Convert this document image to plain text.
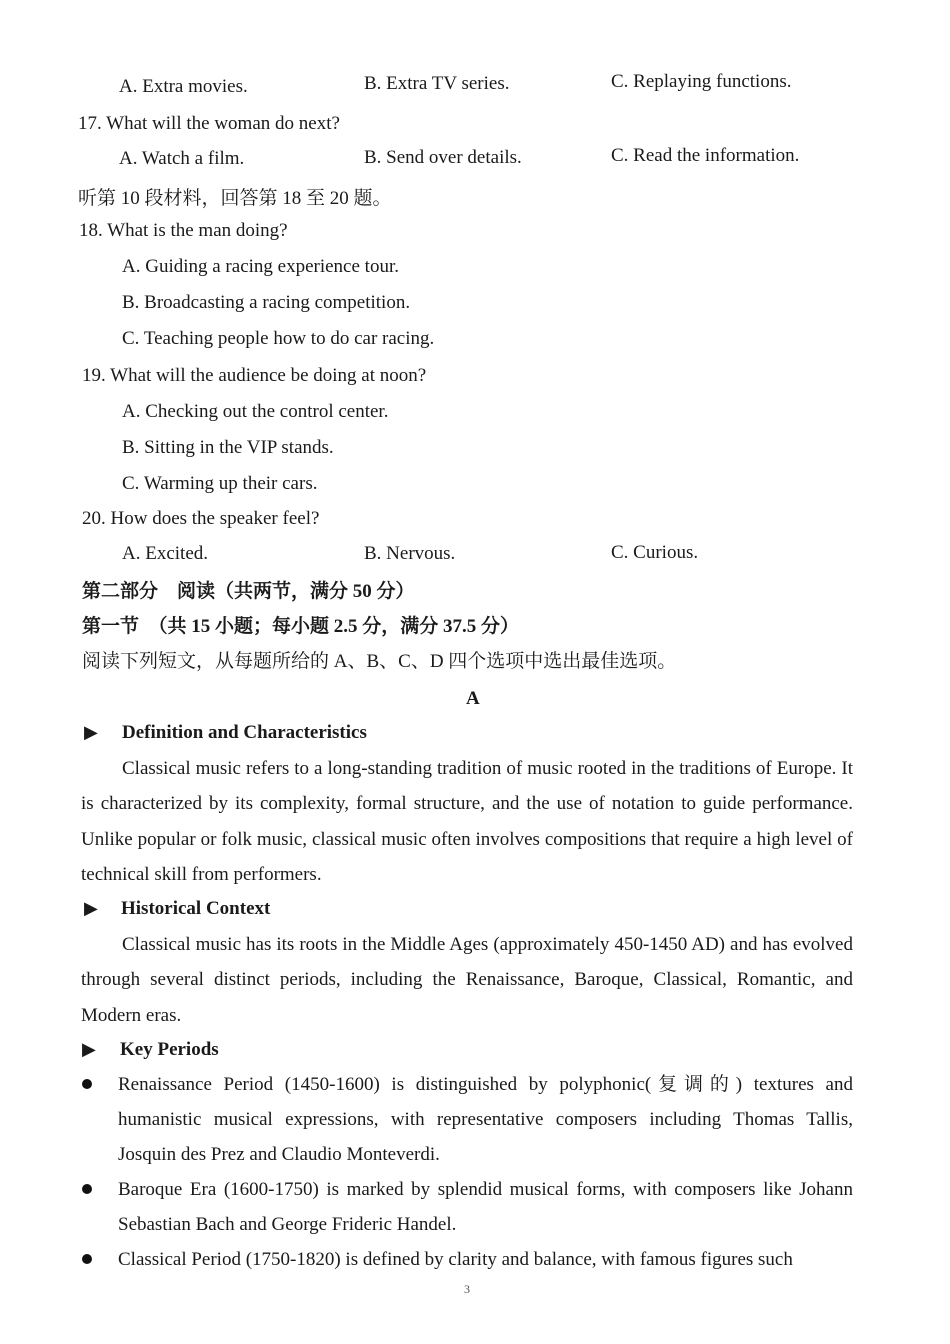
A. Extra movies.	B. Extra TV series.	C. Replaying functions.
17. What will the woman do next?
A. Watch a film.	B. Send over details.	C. Read the information.
听第 10 段材料，回答第 18 至 20 题。
18. What is the man doing?
A. Guiding a racing experience tour.
B. Broadcasting a racing competition.
C. Teaching people how to do car racing.
19. What will the audience be doing at noon?
A. Checking out the control center.
B. Sitting in the VIP stands.
C. Warming up their cars.
20. How does the speaker feel?
A. Excited.	B. Nervous.	C. Curious.
第二部分　阅读（共两节，满分 50 分）
第一节　（共 15 小题；每小题 2.5 分，满分 37.5 分）
阅读下列短文，从每题所给的 A、B、C、D 四个选项中选出最佳选项。
A
▶ Definition and Characteristics
Classical music refers to a long-standing tradition of music rooted in the traditions of Europe. It is characterized by its complexity, formal structure, and the use of notation to guide performance. Unlike popular or folk music, classical music often involves compositions that require a high level of technical skill from performers.
▶ Historical Context
Classical music has its roots in the Middle Ages (approximately 450-1450 AD) and has evolved through several distinct periods, including the Renaissance, Baroque, Classical, Romantic, and Modern eras.
▶ Key Periods
Renaissance Period (1450-1600) is distinguished by polyphonic(复调的) textures and humanistic musical expressions, with representative composers including Thomas Tallis, Josquin des Prez and Claudio Monteverdi.
Baroque Era (1600-1750) is marked by splendid musical forms, with composers like Johann Sebastian Bach and George Frideric Handel.
Classical Period (1750-1820) is defined by clarity and balance, with famous figures such
3
